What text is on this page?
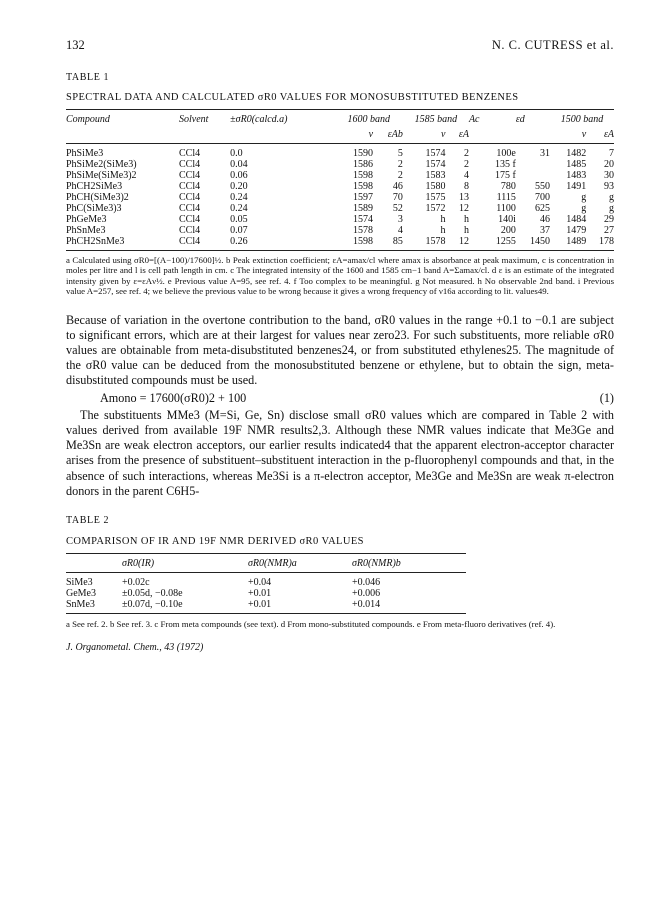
132	N. C. CUTRESS et al.
TABLE 1
SPECTRAL DATA AND CALCULATED σR0 VALUES FOR MONOSUBSTITUTED BENZENES
Compound	Solvent	±σR0(calcd.a)	1600 band		1585 band		Ac	εd	1500 band	
			ν	εAb	ν	εA			ν	εA
PhSiMe3	CCl4	0.0	1590	5	1574	2	100e	31	1482	7
PhSiMe2(SiMe3)	CCl4	0.04	1586	2	1574	2	135 f		1485	20
PhSiMe(SiMe3)2	CCl4	0.06	1598	2	1583	4	175 f		1483	30
PhCH2SiMe3	CCl4	0.20	1598	46	1580	8	780	550	1491	93
PhCH(SiMe3)2	CCl4	0.24	1597	70	1575	13	1115	700	g	g
PhC(SiMe3)3	CCl4	0.24	1589	52	1572	12	1100	625	g	g
PhGeMe3	CCl4	0.05	1574	3	h	h	140i	46	1484	29
PhSnMe3	CCl4	0.07	1578	4	h	h	200	37	1479	27
PhCH2SnMe3	CCl4	0.26	1598	85	1578	12	1255	1450	1489	178
a Calculated using σR0=[(A−100)/17600]½. b Peak extinction coefficient; εA=amax/cl where amax is absorbance at peak maximum, c is concentration in moles per litre and l is cell path length in cm. c The integrated intensity of the 1600 and 1585 cm−1 band A=Σamax/cl. d ε is an estimate of the integrated intensity given by ε=εAν½. e Previous value A=95, see ref. 4. f Too complex to be meaningful. g Not measured. h No observable 2nd band. i Previous value A=257, see ref. 4; we believe the previous value to be wrong because it gives a wrong frequency of ν16a according to lit. values49.

Because of variation in the overtone contribution to the band, σR0 values in the range +0.1 to −0.1 are subject to significant errors, which are at their largest for values near zero23. For such substituents, more reliable σR0 values are obtainable from meta-disubstituted benzenes24, or from substituted ethylenes25. The magnitude of the σR0 value can be deduced from the monosubstituted benzene or ethylene, but to obtain the sign, meta-disubstituted compounds must be used.

Amono = 17600(σR0)2 + 100	(1)

The substituents MMe3 (M=Si, Ge, Sn) disclose small σR0 values which are compared in Table 2 with values derived from available 19F NMR results2,3. Although these NMR values indicate that Me3Ge and Me3Sn are weak electron acceptors, our earlier results indicated4 that the apparent electron-acceptor character arises from the presence of substituent–substituent interaction in the p-fluorophenyl compounds and that, in the absence of such interactions, whereas Me3Si is a π-electron acceptor, Me3Ge and Me3Sn are weak π-electron donors in the parent C6H5-

TABLE 2
COMPARISON OF IR AND 19F NMR DERIVED σR0 VALUES
	σR0(IR)	σR0(NMR)a	σR0(NMR)b
SiMe3	+0.02c	+0.04	+0.046
GeMe3	±0.05d, −0.08e	+0.01	+0.006
SnMe3	±0.07d, −0.10e	+0.01	+0.014
a See ref. 2. b See ref. 3. c From meta compounds (see text). d From mono-substituted compounds. e From meta-fluoro derivatives (ref. 4).
J. Organometal. Chem., 43 (1972)
